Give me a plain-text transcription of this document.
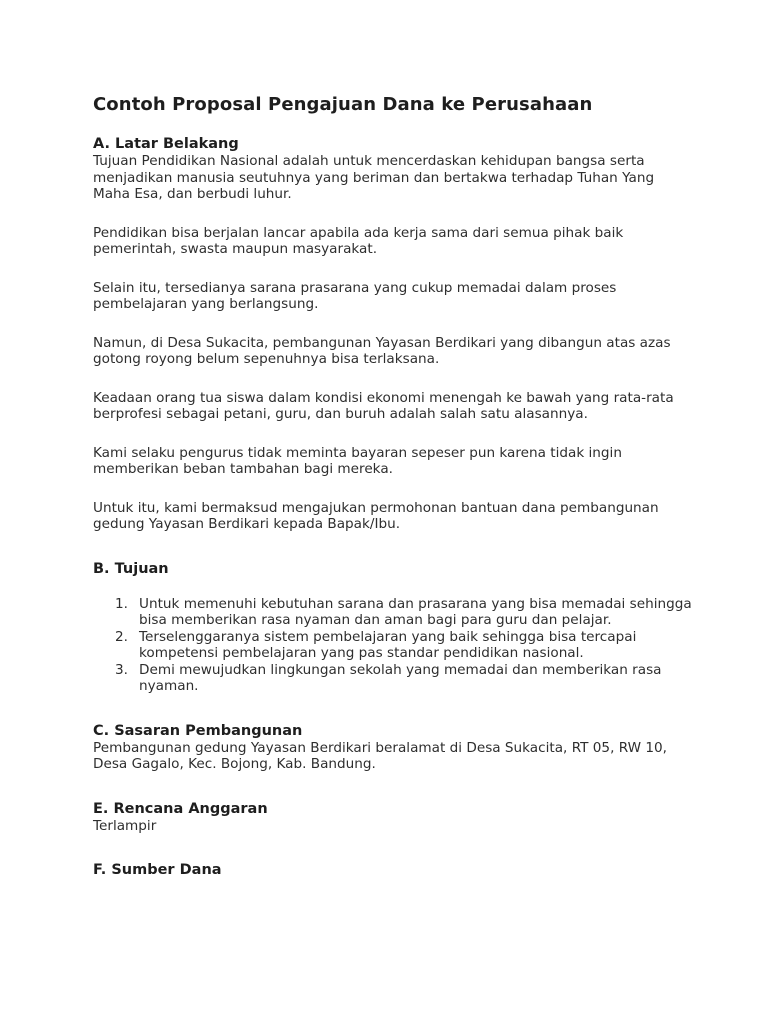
Contoh Proposal Pengajuan Dana ke Perusahaan
A. Latar Belakang

Tujuan Pendidikan Nasional adalah untuk mencerdaskan kehidupan bangsa serta menjadikan manusia seutuhnya yang beriman dan bertakwa terhadap Tuhan Yang Maha Esa, dan berbudi luhur.

Pendidikan bisa berjalan lancar apabila ada kerja sama dari semua pihak baik pemerintah, swasta maupun masyarakat.

Selain itu, tersedianya sarana prasarana yang cukup memadai dalam proses pembelajaran yang berlangsung.

Namun, di Desa Sukacita, pembangunan Yayasan Berdikari yang dibangun atas azas gotong royong belum sepenuhnya bisa terlaksana.

Keadaan orang tua siswa dalam kondisi ekonomi menengah ke bawah yang rata-rata berprofesi sebagai petani, guru, dan buruh adalah salah satu alasannya.

Kami selaku pengurus tidak meminta bayaran sepeser pun karena tidak ingin memberikan beban tambahan bagi mereka.

Untuk itu, kami bermaksud mengajukan permohonan bantuan dana pembangunan gedung Yayasan Berdikari kepada Bapak/Ibu.

B. Tujuan
1. Untuk memenuhi kebutuhan sarana dan prasarana yang bisa memadai sehingga bisa memberikan rasa nyaman dan aman bagi para guru dan pelajar.
2. Terselenggaranya sistem pembelajaran yang baik sehingga bisa tercapai kompetensi pembelajaran yang pas standar pendidikan nasional.
3. Demi mewujudkan lingkungan sekolah yang memadai dan memberikan rasa nyaman.
C. Sasaran Pembangunan

Pembangunan gedung Yayasan Berdikari beralamat di Desa Sukacita, RT 05, RW 10, Desa Gagalo, Kec. Bojong, Kab. Bandung.

E. Rencana Anggaran

Terlampir

F. Sumber Dana
